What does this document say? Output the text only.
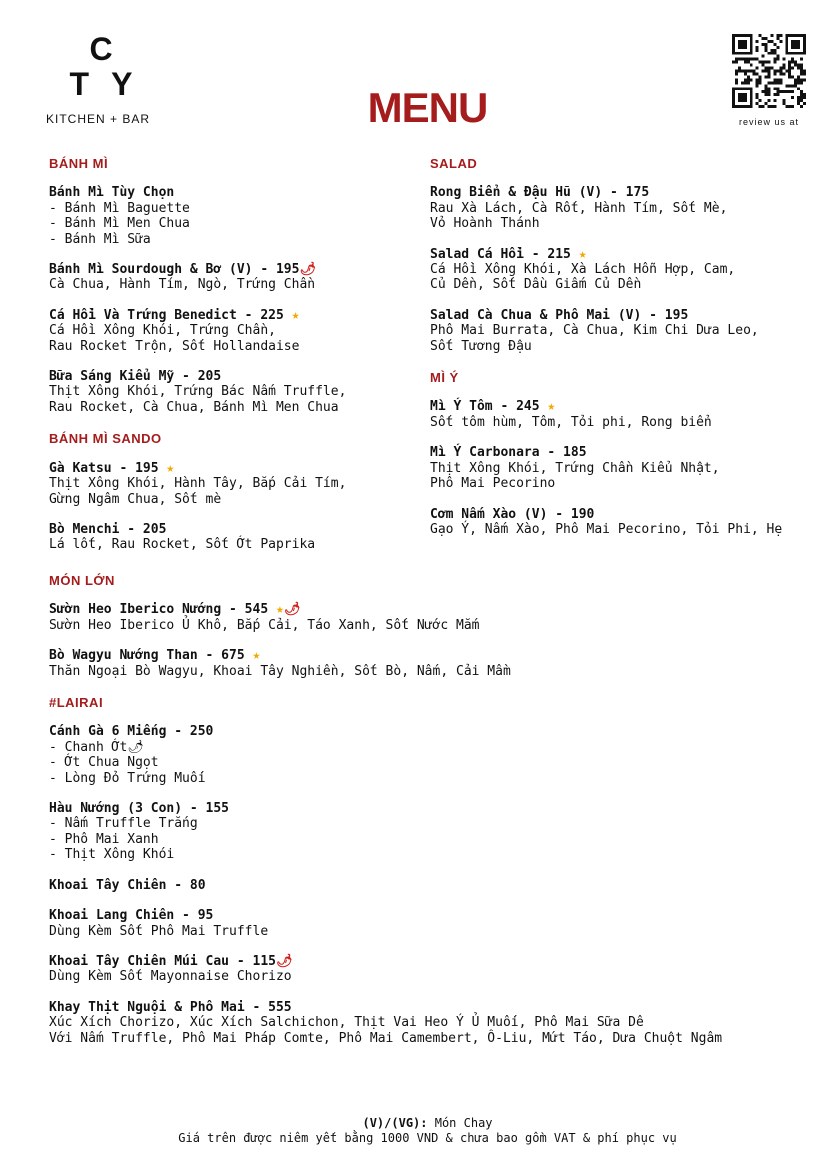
C
TY
KITCHEN + BAR	MENU	review us at
BÁNH MÌ
Bánh Mì Tùy Chọn
- Bánh Mì Baguette
- Bánh Mì Men Chua
- Bánh Mì Sữa
Bánh Mì Sourdough & Bơ (V) - 195🌶
Cà Chua, Hành Tím, Ngò, Trứng Chần
Cá Hồi Và Trứng Benedict - 225 ★
Cá Hồi Xông Khói, Trứng Chần,
Rau Rocket Trộn, Sốt Hollandaise
Bữa Sáng Kiểu Mỹ - 205
Thịt Xông Khói, Trứng Bác Nấm Truffle,
Rau Rocket, Cà Chua, Bánh Mì Men Chua
BÁNH MÌ SANDO
Gà Katsu - 195 ★
Thịt Xông Khói, Hành Tây, Bắp Cải Tím,
Gừng Ngâm Chua, Sốt mè
Bò Menchi - 205
Lá lốt, Rau Rocket, Sốt Ớt Paprika
SALAD
Rong Biển & Đậu Hũ (V) - 175
Rau Xà Lách, Cà Rốt, Hành Tím, Sốt Mè,
Vỏ Hoành Thánh
Salad Cá Hồi - 215 ★
Cá Hồi Xông Khói, Xà Lách Hỗn Hợp, Cam,
Củ Dền, Sốt Dầu Giấm Củ Dền
Salad Cà Chua & Phô Mai (V) - 195
Phô Mai Burrata, Cà Chua, Kim Chi Dưa Leo,
Sốt Tương Đậu
MÌ Ý
Mì Ý Tôm - 245 ★
Sốt tôm hùm, Tôm, Tỏi phi, Rong biển
Mì Ý Carbonara - 185
Thịt Xông Khói, Trứng Chần Kiểu Nhật,
Phô Mai Pecorino
Cơm Nấm Xào (V) - 190
Gạo Ý, Nấm Xào, Phô Mai Pecorino, Tỏi Phi, Hẹ
MÓN LỚN
Sườn Heo Iberico Nướng - 545 ★🌶
Sườn Heo Iberico Ủ Khô, Bắp Cải, Táo Xanh, Sốt Nước Mắm
Bò Wagyu Nướng Than - 675 ★
Thăn Ngoại Bò Wagyu, Khoai Tây Nghiền, Sốt Bò, Nấm, Cải Mầm
#LAIRAI
Cánh Gà 6 Miếng - 250
- Chanh Ớt⁠🌶
- Ớt Chua Ngọt
- Lòng Đỏ Trứng Muối
Hàu Nướng (3 Con) - 155
- Nấm Truffle Trắng
- Phô Mai Xanh
- Thịt Xông Khói
Khoai Tây Chiên - 80
Khoai Lang Chiên - 95
Dùng Kèm Sốt Phô Mai Truffle
Khoai Tây Chiên Múi Cau - 115🌶
Dùng Kèm Sốt Mayonnaise Chorizo
Khay Thịt Nguội & Phô Mai - 555
Xúc Xích Chorizo, Xúc Xích Salchichon, Thịt Vai Heo Ý Ủ Muối, Phô Mai Sữa Dê
Với Nấm Truffle, Phô Mai Pháp Comte, Phô Mai Camembert, Ô-Liu, Mứt Táo, Dưa Chuột Ngâm
(V)/(VG): Món Chay
Giá trên được niêm yết bằng 1000 VND & chưa bao gồm VAT & phí phục vụ
